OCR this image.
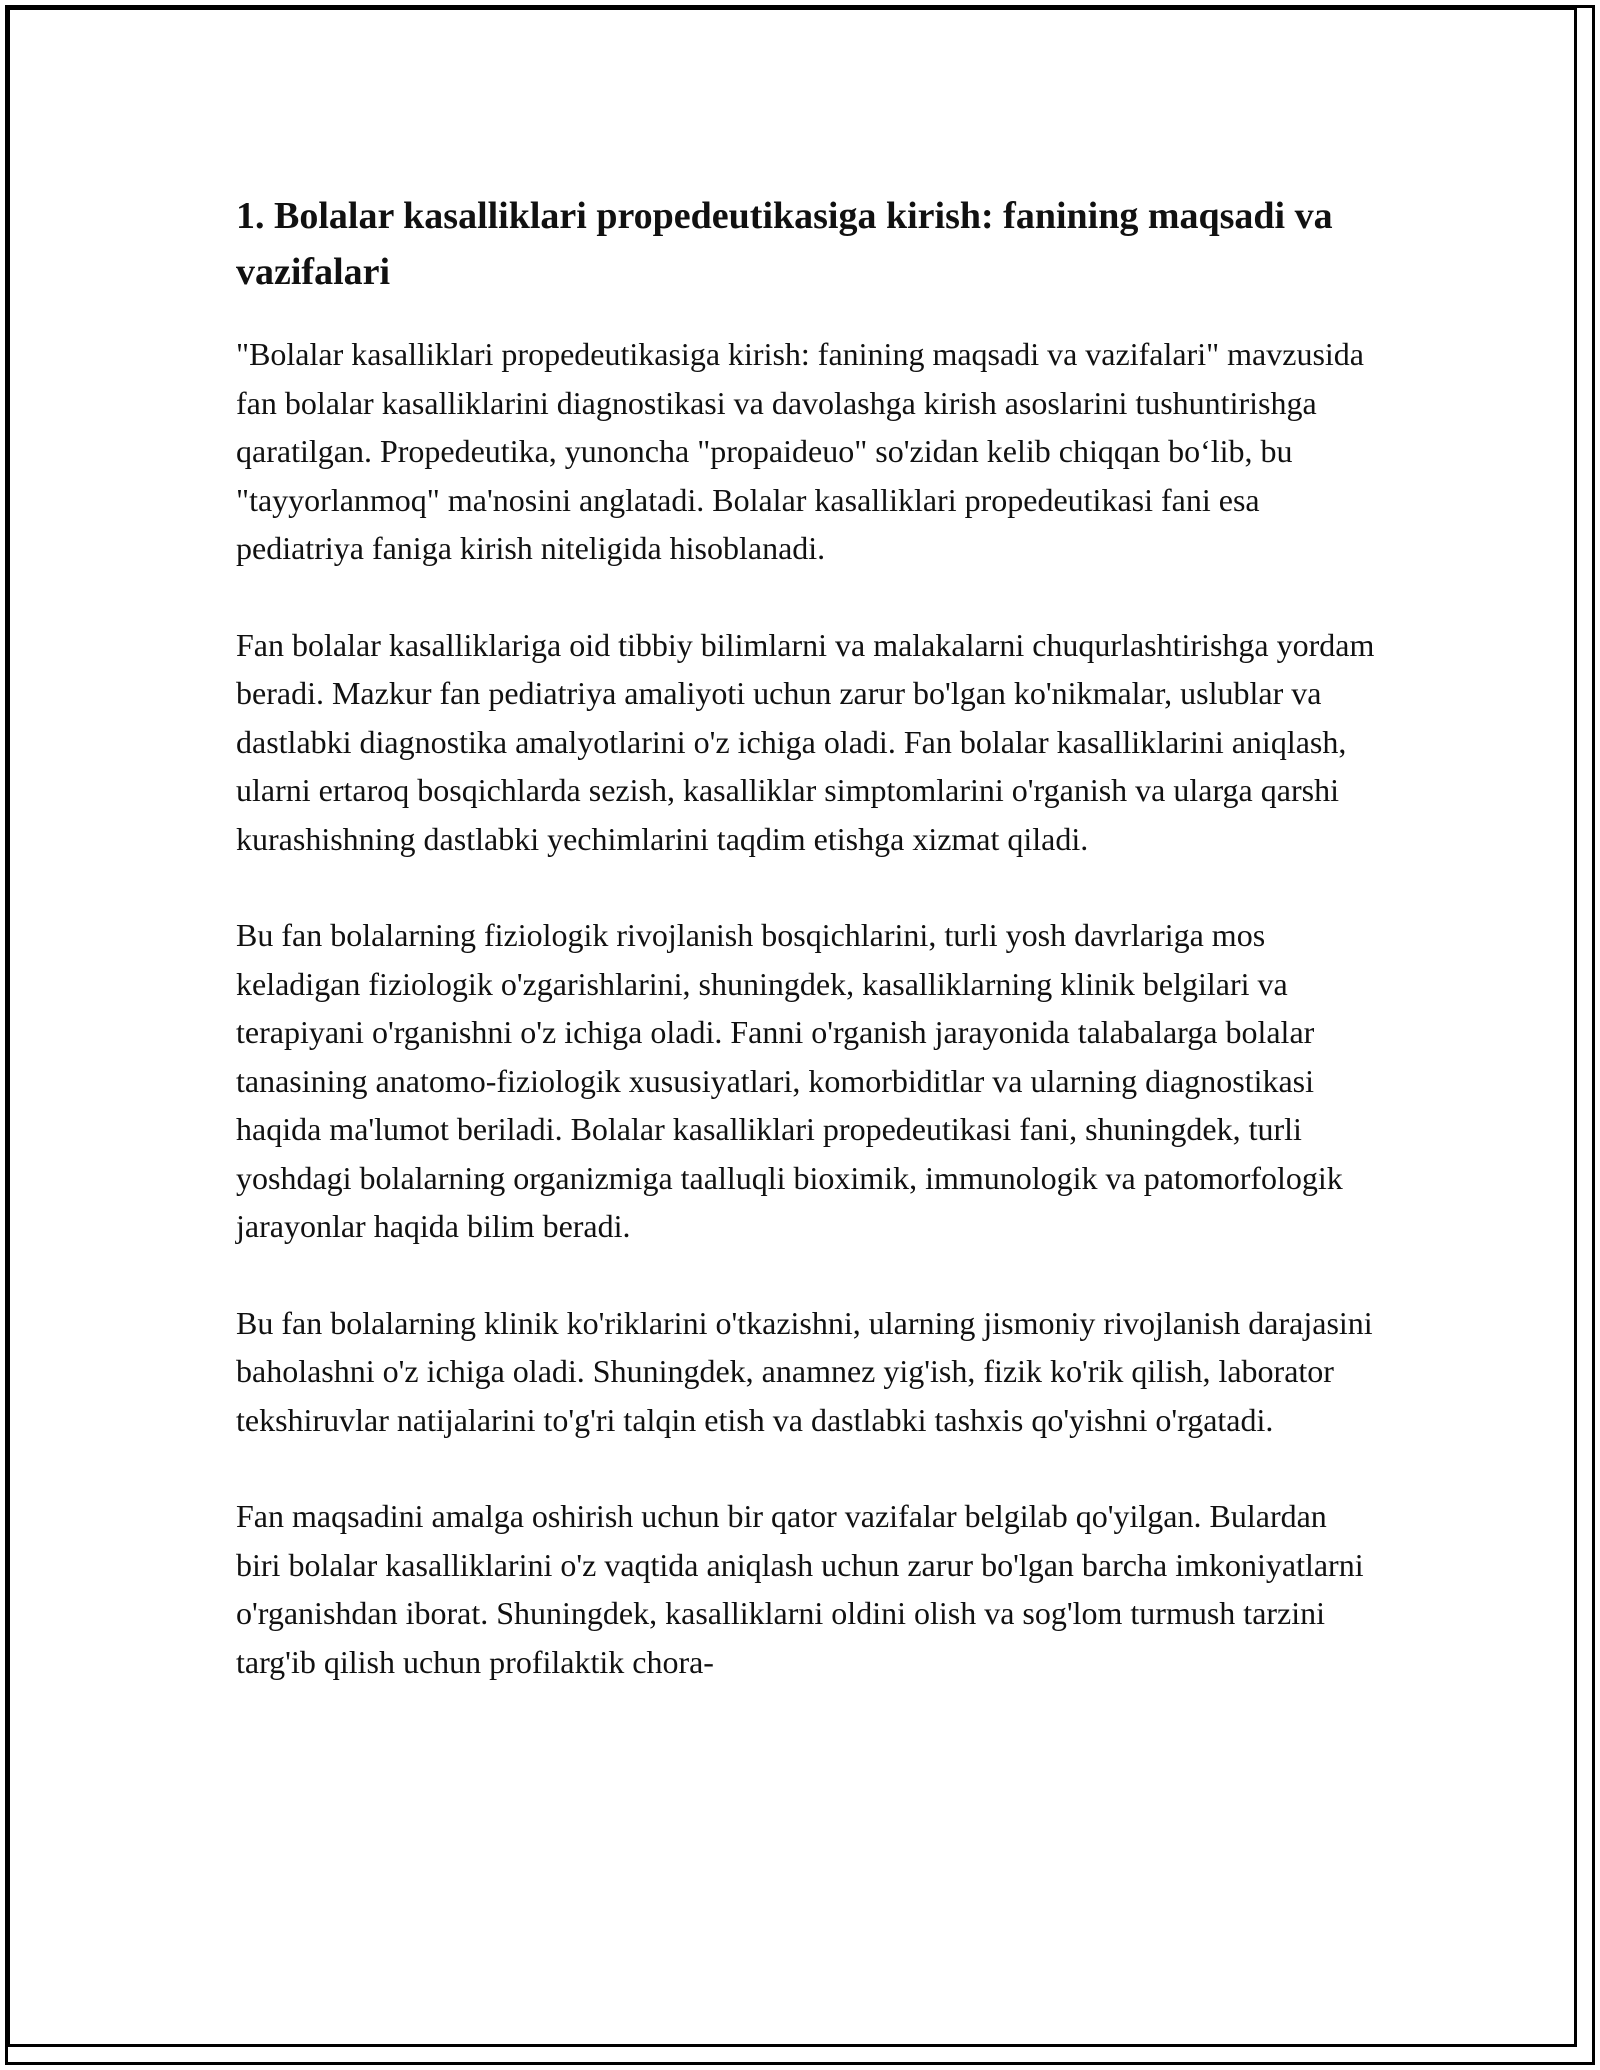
1. Bolalar kasalliklari propedeutikasiga kirish: fanining maqsadi va vazifalari

"Bolalar kasalliklari propedeutikasiga kirish: fanining maqsadi va vazifalari" mavzusida fan bolalar kasalliklarini diagnostikasi va davolashga kirish asoslarini tushuntirishga qaratilgan. Propedeutika, yunoncha "propaideuo" so'zidan kelib chiqqan bo‘lib, bu "tayyorlanmoq" ma'nosini anglatadi. Bolalar kasalliklari propedeutikasi fani esa pediatriya faniga kirish niteligida hisoblanadi.

Fan bolalar kasalliklariga oid tibbiy bilimlarni va malakalarni chuqurlashtirishga yordam beradi. Mazkur fan pediatriya amaliyoti uchun zarur bo'lgan ko'nikmalar, uslublar va dastlabki diagnostika amalyotlarini o'z ichiga oladi. Fan bolalar kasalliklarini aniqlash, ularni ertaroq bosqichlarda sezish, kasalliklar simptomlarini o'rganish va ularga qarshi kurashishning dastlabki yechimlarini taqdim etishga xizmat qiladi.

Bu fan bolalarning fiziologik rivojlanish bosqichlarini, turli yosh davrlariga mos keladigan fiziologik o'zgarishlarini, shuningdek, kasalliklarning klinik belgilari va terapiyani o'rganishni o'z ichiga oladi. Fanni o'rganish jarayonida talabalarga bolalar tanasining anatomo-fiziologik xususiyatlari, komorbiditlar va ularning diagnostikasi haqida ma'lumot beriladi. Bolalar kasalliklari propedeutikasi fani, shuningdek, turli yoshdagi bolalarning organizmiga taalluqli bioximik, immunologik va patomorfologik jarayonlar haqida bilim beradi.

Bu fan bolalarning klinik ko'riklarini o'tkazishni, ularning jismoniy rivojlanish darajasini baholashni o'z ichiga oladi. Shuningdek, anamnez yig'ish, fizik ko'rik qilish, laborator tekshiruvlar natijalarini to'g'ri talqin etish va dastlabki tashxis qo'yishni o'rgatadi.

Fan maqsadini amalga oshirish uchun bir qator vazifalar belgilab qo'yilgan. Bulardan biri bolalar kasalliklarini o'z vaqtida aniqlash uchun zarur bo'lgan barcha imkoniyatlarni o'rganishdan iborat. Shuningdek, kasalliklarni oldini olish va sog'lom turmush tarzini targ'ib qilish uchun profilaktik chora-
